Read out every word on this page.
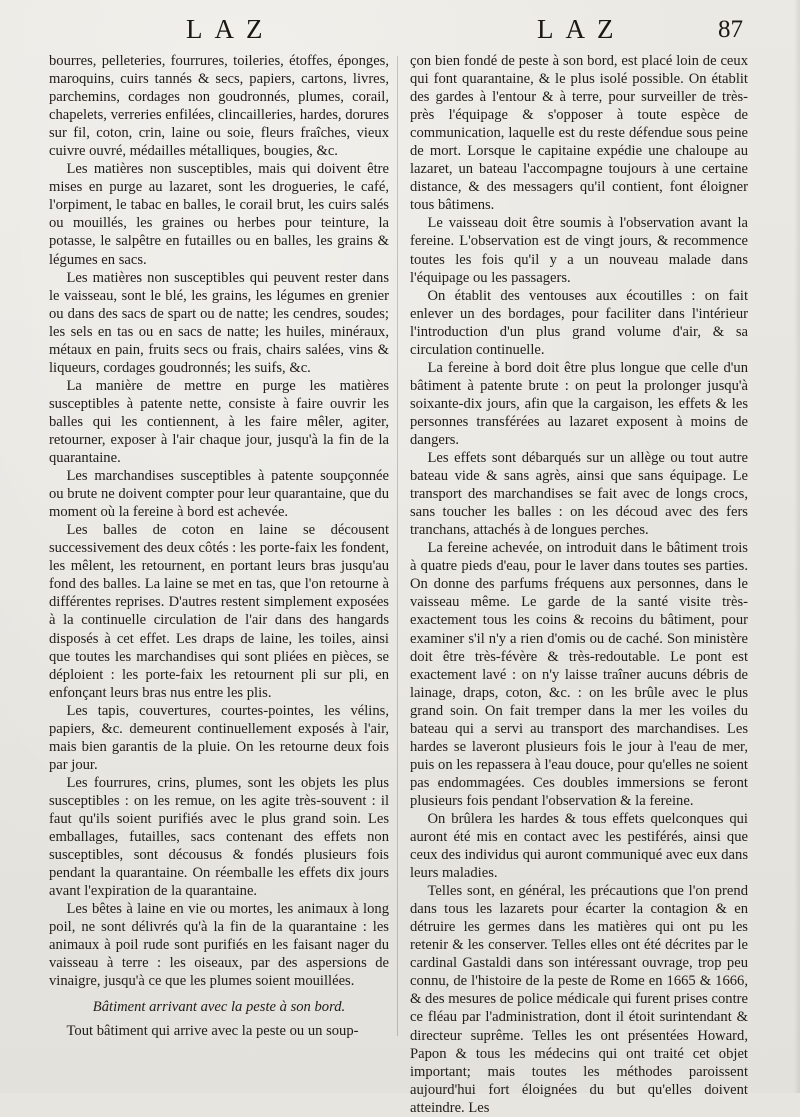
LAZ	LAZ	87

bourres, pelleteries, fourrures, toileries, étoffes, éponges, maroquins, cuirs tannés & secs, papiers, cartons, livres, parchemins, cordages non goudronnés, plumes, corail, chapelets, verreries enfilées, clincailleries, hardes, dorures sur fil, coton, crin, laine ou soie, fleurs fraîches, vieux cuivre ouvré, médailles métalliques, bougies, &c.

Les matières non susceptibles, mais qui doivent être mises en purge au lazaret, sont les drogueries, le café, l'orpiment, le tabac en balles, le corail brut, les cuirs salés ou mouillés, les graines ou herbes pour teinture, la potasse, le salpêtre en futailles ou en balles, les grains & légumes en sacs.

Les matières non susceptibles qui peuvent rester dans le vaisseau, sont le blé, les grains, les légumes en grenier ou dans des sacs de spart ou de natte; les cendres, soudes; les sels en tas ou en sacs de natte; les huiles, minéraux, métaux en pain, fruits secs ou frais, chairs salées, vins & liqueurs, cordages goudronnés; les suifs, &c.

La manière de mettre en purge les matières susceptibles à patente nette, consiste à faire ouvrir les balles qui les contiennent, à les faire mêler, agiter, retourner, exposer à l'air chaque jour, jusqu'à la fin de la quarantaine.

Les marchandises susceptibles à patente soupçonnée ou brute ne doivent compter pour leur quarantaine, que du moment où la fereine à bord est achevée.

Les balles de coton en laine se décousent successivement des deux côtés : les porte-faix les fondent, les mêlent, les retournent, en portant leurs bras jusqu'au fond des balles. La laine se met en tas, que l'on retourne à différentes reprises. D'autres restent simplement exposées à la continuelle circulation de l'air dans des hangards disposés à cet effet. Les draps de laine, les toiles, ainsi que toutes les marchandises qui sont pliées en pièces, se déploient : les porte-faix les retournent pli sur pli, en enfonçant leurs bras nus entre les plis.

Les tapis, couvertures, courtes-pointes, les vélins, papiers, &c. demeurent continuellement exposés à l'air, mais bien garantis de la pluie. On les retourne deux fois par jour.

Les fourrures, crins, plumes, sont les objets les plus susceptibles : on les remue, on les agite très-souvent : il faut qu'ils soient purifiés avec le plus grand soin. Les emballages, futailles, sacs contenant des effets non susceptibles, sont décousus & fondés plusieurs fois pendant la quarantaine. On réemballe les effets dix jours avant l'expiration de la quarantaine.

Les bêtes à laine en vie ou mortes, les animaux à long poil, ne sont délivrés qu'à la fin de la quarantaine : les animaux à poil rude sont purifiés en les faisant nager du vaisseau à terre : les oiseaux, par des aspersions de vinaigre, jusqu'à ce que les plumes soient mouillées.

Bâtiment arrivant avec la peste à son bord.

Tout bâtiment qui arrive avec la peste ou un soup-

çon bien fondé de peste à son bord, est placé loin de ceux qui font quarantaine, & le plus isolé possible. On établit des gardes à l'entour & à terre, pour surveiller de très-près l'équipage & s'opposer à toute espèce de communication, laquelle est du reste défendue sous peine de mort. Lorsque le capitaine expédie une chaloupe au lazaret, un bateau l'accompagne toujours à une certaine distance, & des messagers qu'il contient, font éloigner tous bâtimens.

Le vaisseau doit être soumis à l'observation avant la fereine. L'observation est de vingt jours, & recommence toutes les fois qu'il y a un nouveau malade dans l'équipage ou les passagers.

On établit des ventouses aux écoutilles : on fait enlever un des bordages, pour faciliter dans l'intérieur l'introduction d'un plus grand volume d'air, & sa circulation continuelle.

La fereine à bord doit être plus longue que celle d'un bâtiment à patente brute : on peut la prolonger jusqu'à soixante-dix jours, afin que la cargaison, les effets & les personnes transférées au lazaret exposent à moins de dangers.

Les effets sont débarqués sur un allège ou tout autre bateau vide & sans agrès, ainsi que sans équipage. Le transport des marchandises se fait avec de longs crocs, sans toucher les balles : on les découd avec des fers tranchans, attachés à de longues perches.

La fereine achevée, on introduit dans le bâtiment trois à quatre pieds d'eau, pour le laver dans toutes ses parties. On donne des parfums fréquens aux personnes, dans le vaisseau même. Le garde de la santé visite très-exactement tous les coins & recoins du bâtiment, pour examiner s'il n'y a rien d'omis ou de caché. Son ministère doit être très-févère & très-redoutable. Le pont est exactement lavé : on n'y laisse traîner aucuns débris de lainage, draps, coton, &c. : on les brûle avec le plus grand soin. On fait tremper dans la mer les voiles du bateau qui a servi au transport des marchandises. Les hardes se laveront plusieurs fois le jour à l'eau de mer, puis on les repassera à l'eau douce, pour qu'elles ne soient pas endommagées. Ces doubles immersions se feront plusieurs fois pendant l'observation & la fereine.

On brûlera les hardes & tous effets quelconques qui auront été mis en contact avec les pestiférés, ainsi que ceux des individus qui auront communiqué avec eux dans leurs maladies.

Telles sont, en général, les précautions que l'on prend dans tous les lazarets pour écarter la contagion & en détruire les germes dans les matières qui ont pu les retenir & les conserver. Telles elles ont été décrites par le cardinal Gastaldi dans son intéressant ouvrage, trop peu connu, de l'histoire de la peste de Rome en 1665 & 1666, & des mesures de police médicale qui furent prises contre ce fléau par l'administration, dont il étoit surintendant & directeur suprême. Telles les ont présentées Howard, Papon & tous les médecins qui ont traité cet objet important; mais toutes les méthodes paroissent aujourd'hui fort éloignées du but qu'elles doivent atteindre. Les
